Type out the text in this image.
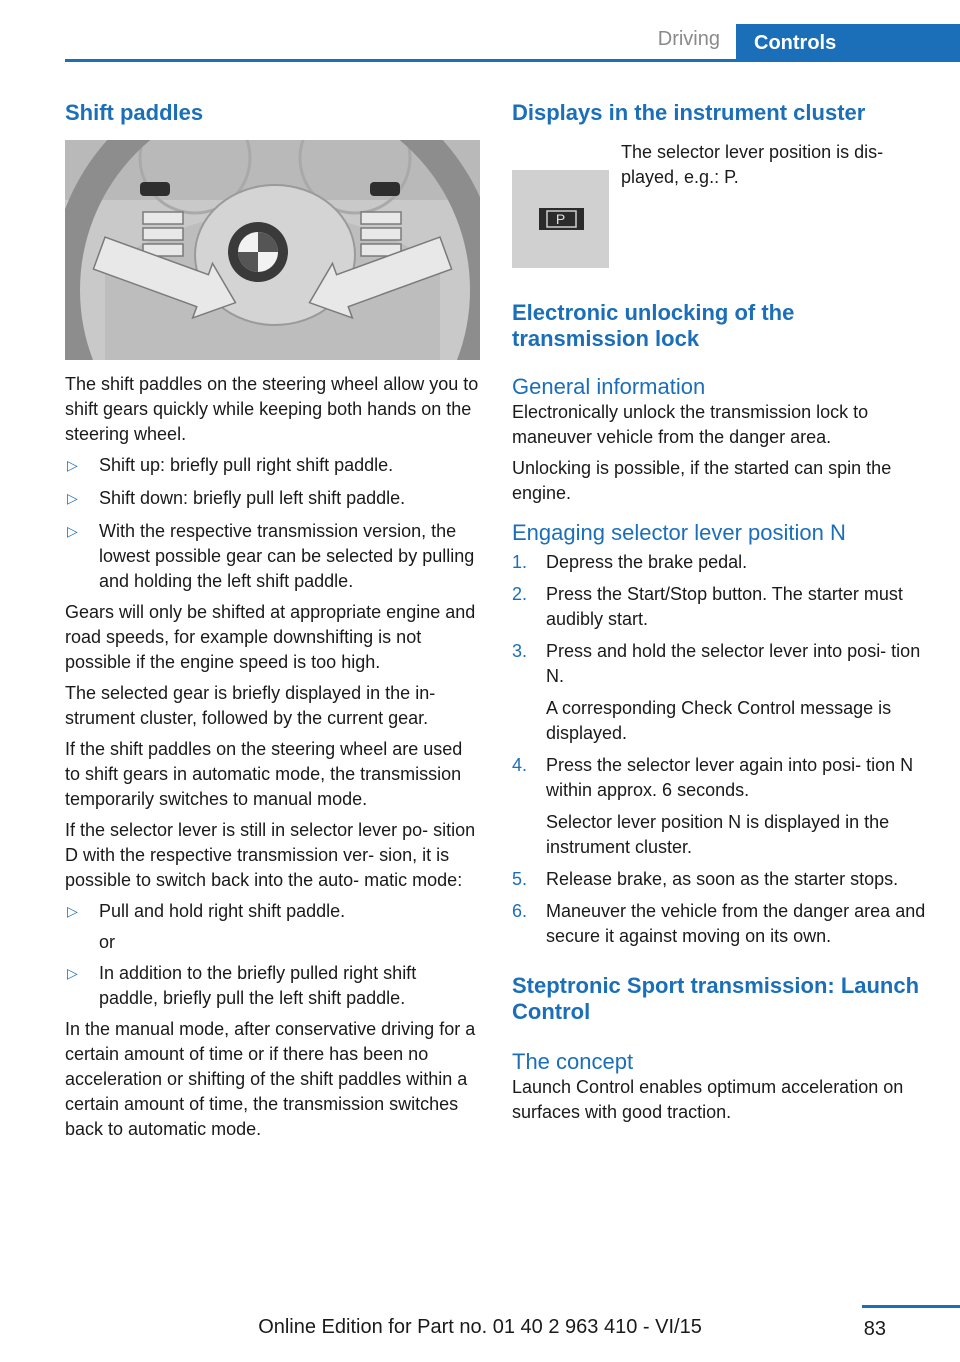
Driving	Controls
Shift paddles

The shift paddles on the steering wheel allow you to shift gears quickly while keeping both hands on the steering wheel.

▷ Shift up: briefly pull right shift paddle.
▷ Shift down: briefly pull left shift paddle.
▷ With the respective transmission version, the lowest possible gear can be selected by pulling and holding the left shift paddle.

Gears will only be shifted at appropriate engine and road speeds, for example downshifting is not possible if the engine speed is too high.

The selected gear is briefly displayed in the in‐ strument cluster, followed by the current gear.

If the shift paddles on the steering wheel are used to shift gears in automatic mode, the transmission temporarily switches to manual mode.

If the selector lever is still in selector lever po‐ sition D with the respective transmission ver‐ sion, it is possible to switch back into the auto‐ matic mode:

▷ Pull and hold right shift paddle.
or
▷ In addition to the briefly pulled right shift paddle, briefly pull the left shift paddle.

In the manual mode, after conservative driving for a certain amount of time or if there has been no acceleration or shifting of the shift paddles within a certain amount of time, the transmission switches back to automatic mode.

Displays in the instrument cluster
P

The selector lever position is dis‐ played, e.g.: P.

Electronic unlocking of the transmission lock
General information

Electronically unlock the transmission lock to maneuver vehicle from the danger area.

Unlocking is possible, if the started can spin the engine.

Engaging selector lever position N
1. Depress the brake pedal.
2. Press the Start/Stop button. The starter must audibly start.
3. Press and hold the selector lever into posi‐ tion N.
A corresponding Check Control message is displayed.
4. Press the selector lever again into posi‐ tion N within approx. 6 seconds.
Selector lever position N is displayed in the instrument cluster.
5. Release brake, as soon as the starter stops.
6. Maneuver the vehicle from the danger area and secure it against moving on its own.
Steptronic Sport transmission: Launch Control
The concept

Launch Control enables optimum acceleration on surfaces with good traction.

83
Online Edition for Part no. 01 40 2 963 410 - VI/15
